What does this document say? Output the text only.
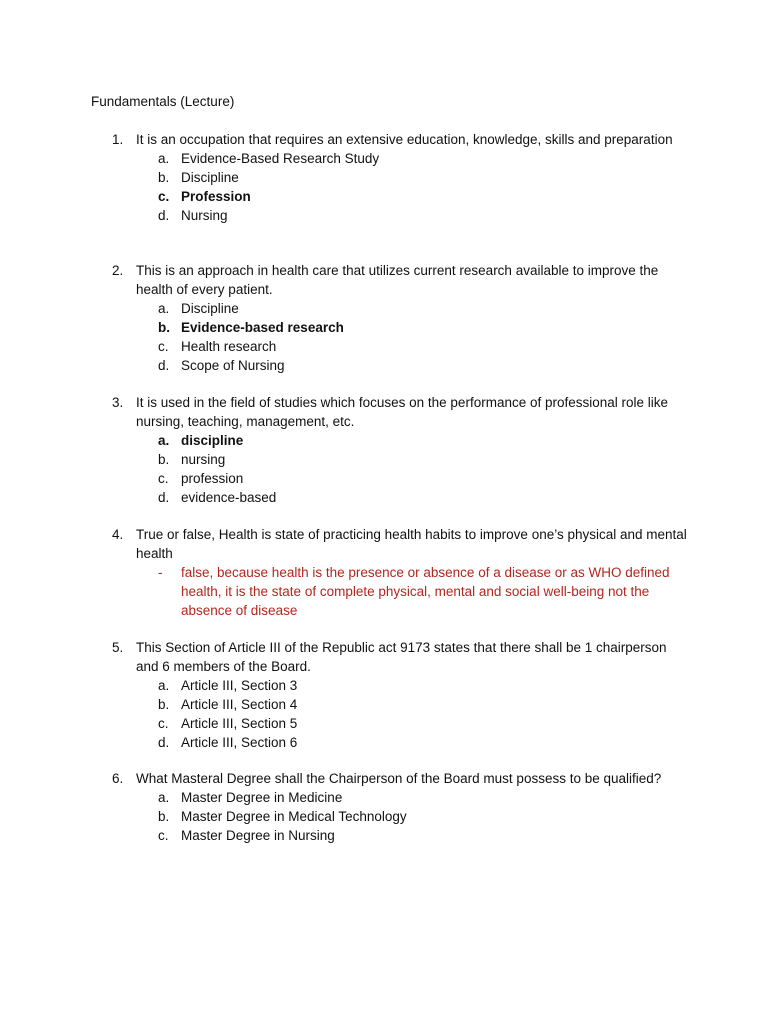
Fundamentals (Lecture)
1. It is an occupation that requires an extensive education, knowledge, skills and preparation
a. Evidence-Based Research Study
b. Discipline
c. Profession
d. Nursing
2. This is an approach in health care that utilizes current research available to improve the health of every patient.
a. Discipline
b. Evidence-based research
c. Health research
d. Scope of Nursing
3. It is used in the field of studies which focuses on the performance of professional role like nursing, teaching, management, etc.
a. discipline
b. nursing
c. profession
d. evidence-based
4. True or false, Health is state of practicing health habits to improve one’s physical and mental health
- false, because health is the presence or absence of a disease or as WHO defined health, it is the state of complete physical, mental and social well-being not the absence of disease
5. This Section of Article III of the Republic act 9173 states that there shall be 1 chairperson and 6 members of the Board.
a. Article III, Section 3
b. Article III, Section 4
c. Article III, Section 5
d. Article III, Section 6
6. What Masteral Degree shall the Chairperson of the Board must possess to be qualified?
a. Master Degree in Medicine
b. Master Degree in Medical Technology
c. Master Degree in Nursing
